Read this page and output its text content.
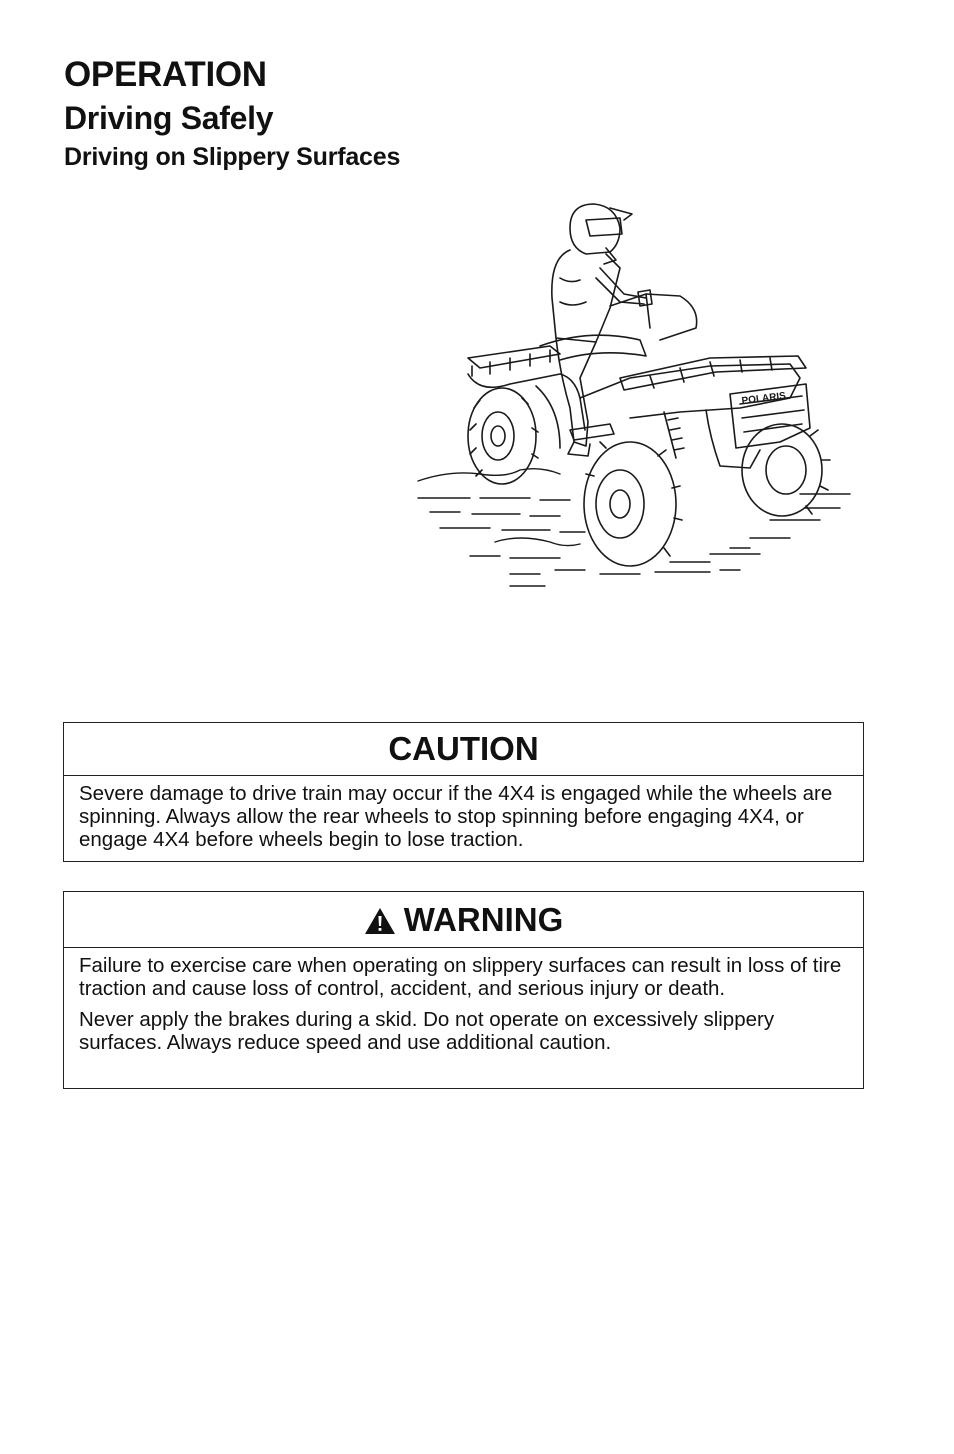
OPERATION
Driving Safely
Driving on Slippery Surfaces
POLARIS
CAUTION

Severe damage to drive train may occur if the 4X4 is engaged while the wheels are spinning. Always allow the rear wheels to stop spinning before engaging 4X4, or engage 4X4 before wheels begin to lose traction.

WARNING

Failure to exercise care when operating on slippery surfaces can result in loss of tire traction and cause loss of control, accident, and serious injury or death.

Never apply the brakes during a skid. Do not operate on excessively slippery surfaces. Always reduce speed and use additional caution.
